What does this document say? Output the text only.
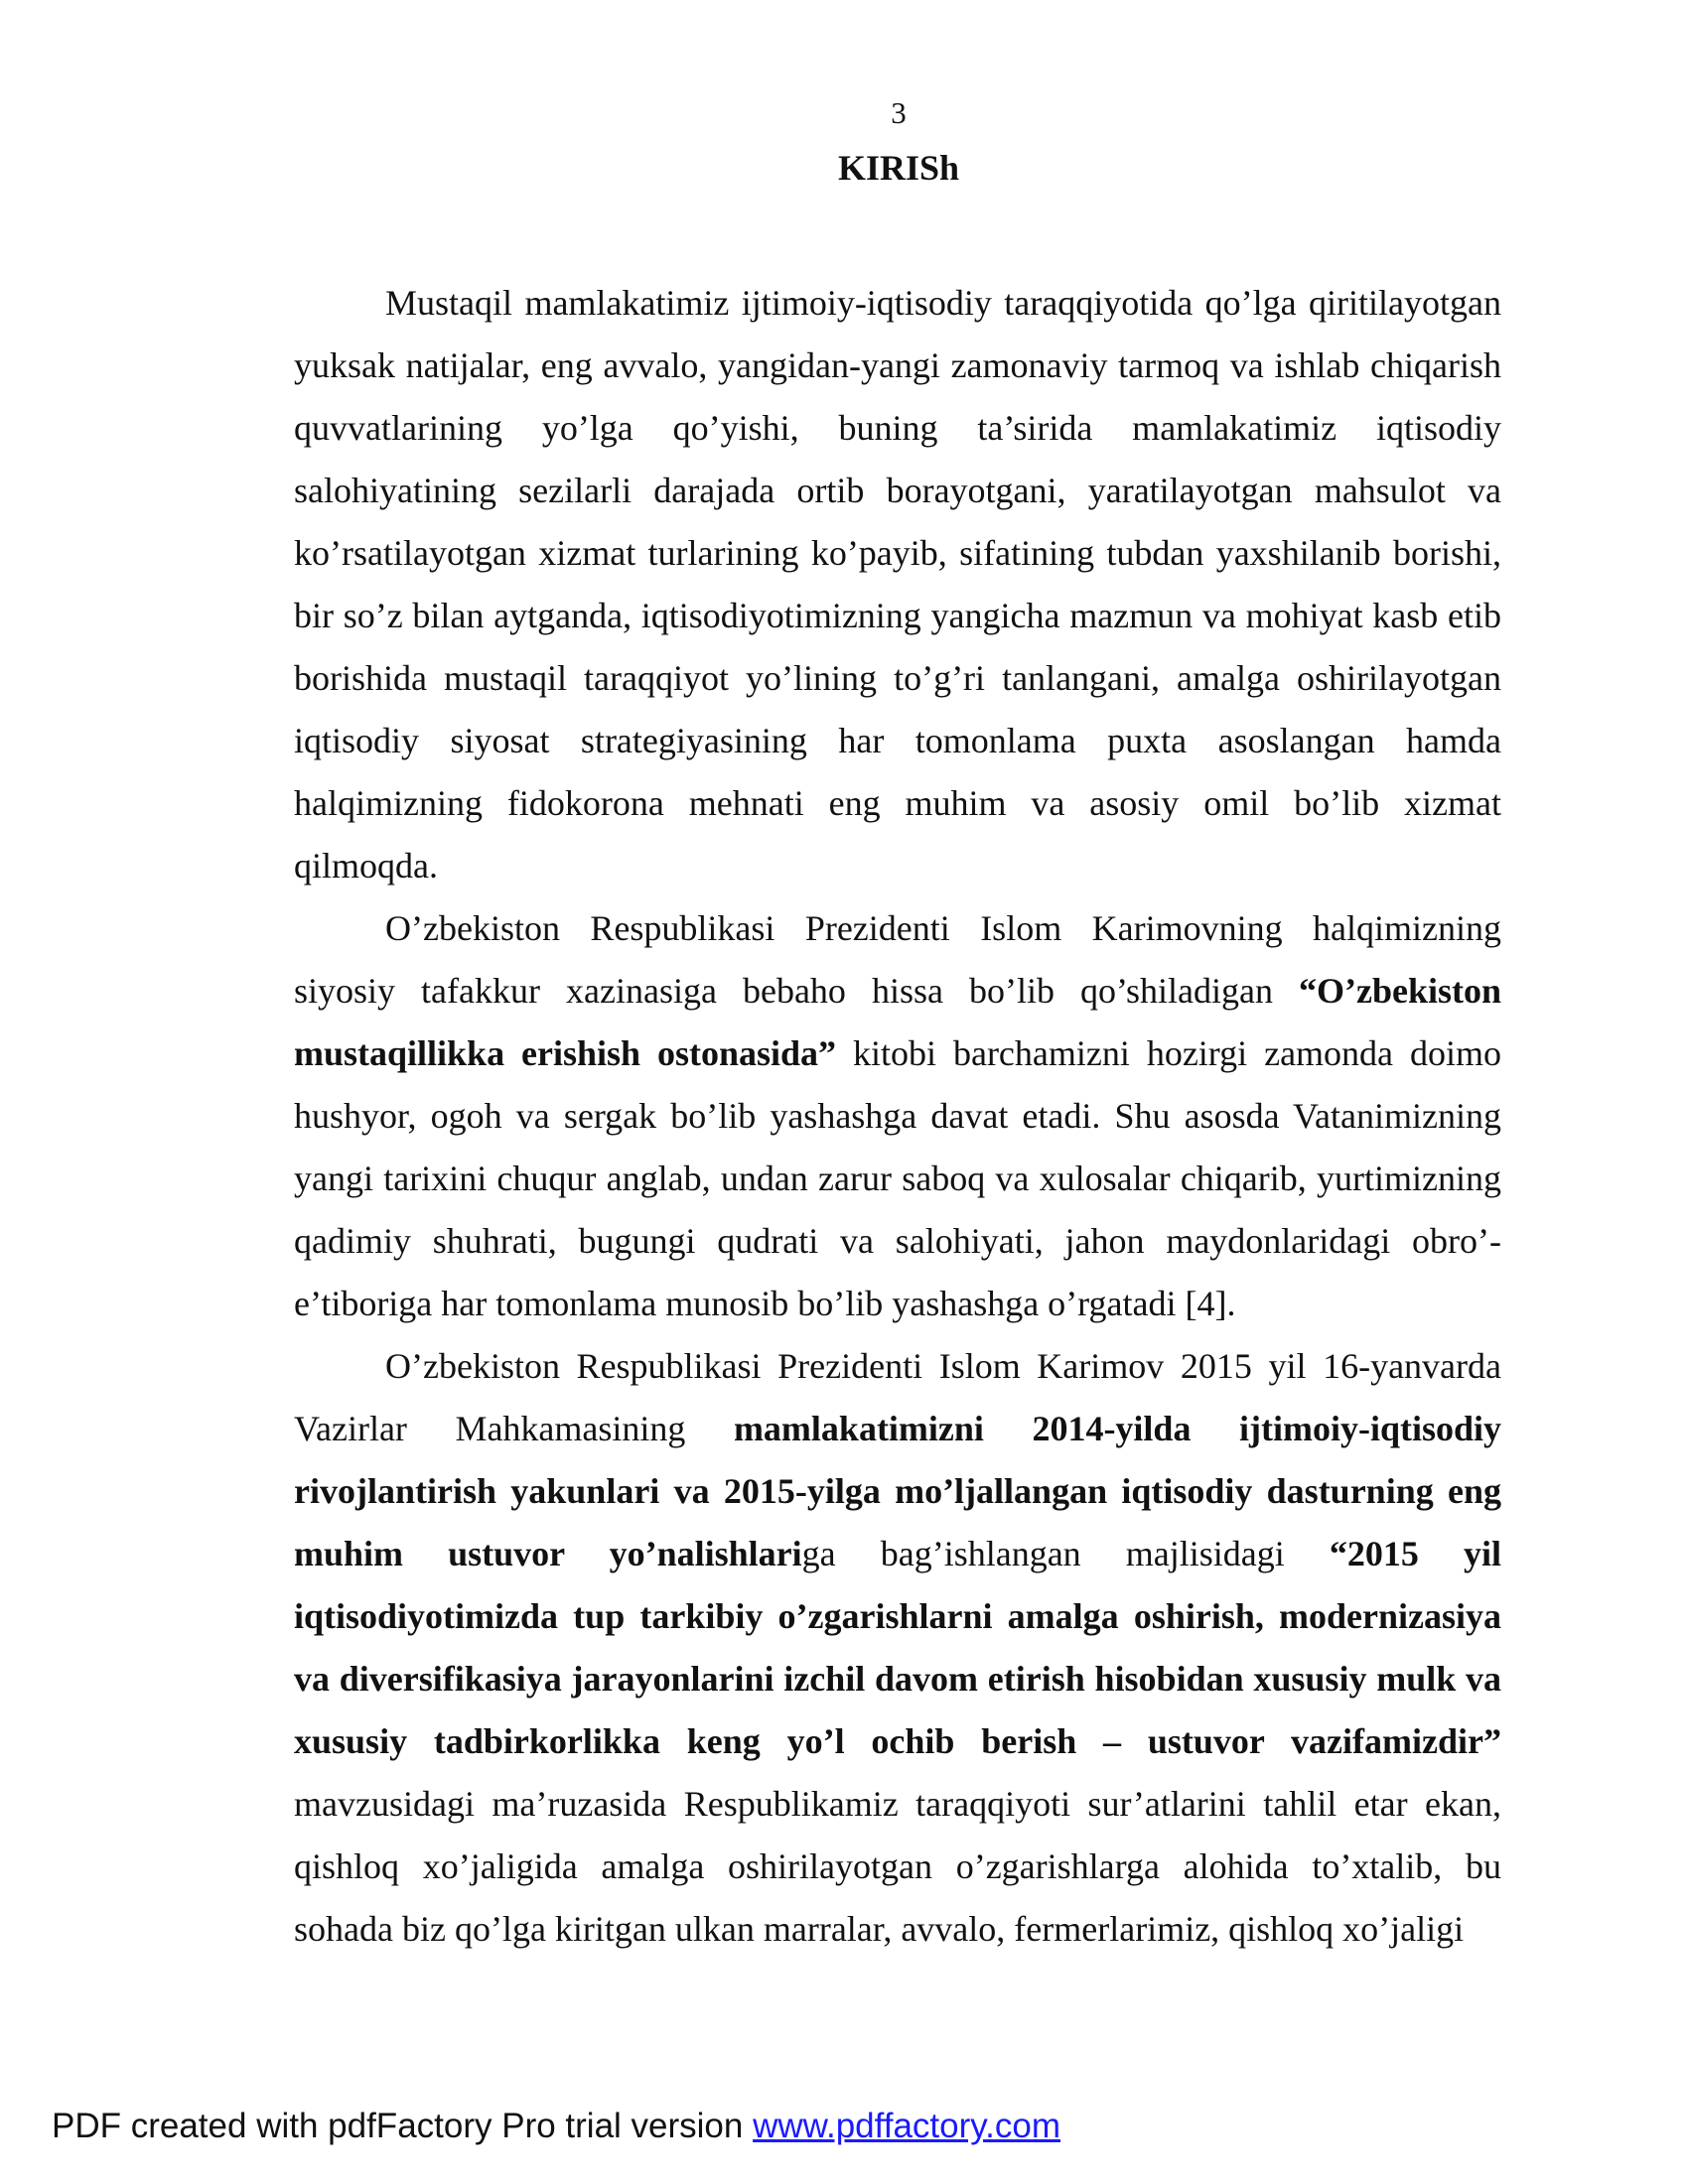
3
KIRISh

Mustaqil mamlakatimiz ijtimoiy-iqtisodiy taraqqiyotida qo’lga qiritilayotgan yuksak natijalar, eng avvalo, yangidan-yangi zamonaviy tarmoq va ishlab chiqarish quvvatlarining yo’lga qo’yishi, buning ta’sirida mamlakatimiz iqtisodiy salohiyatining sezilarli darajada ortib borayotgani, yaratilayotgan mahsulot va ko’rsatilayotgan xizmat turlarining ko’payib, sifatining tubdan yaxshilanib borishi, bir so’z bilan aytganda, iqtisodiyotimizning yangicha mazmun va mohiyat kasb etib borishida mustaqil taraqqiyot yo’lining to’g’ri tanlangani, amalga oshirilayotgan iqtisodiy siyosat strategiyasining har tomonlama puxta asoslangan hamda halqimizning fidokorona mehnati eng muhim va asosiy omil bo’lib xizmat qilmoqda.

O’zbekiston Respublikasi Prezidenti Islom Karimovning halqimizning siyosiy tafakkur xazinasiga bebaho hissa bo’lib qo’shiladigan “O’zbekiston mustaqillikka erishish ostonasida” kitobi barchamizni hozirgi zamonda doimo hushyor, ogoh va sergak bo’lib yashashga davat etadi. Shu asosda Vatanimizning yangi tarixini chuqur anglab, undan zarur saboq va xulosalar chiqarib, yurtimizning qadimiy shuhrati, bugungi qudrati va salohiyati, jahon maydonlaridagi obro’-e’tiboriga har tomonlama munosib bo’lib yashashga o’rgatadi [4].

O’zbekiston Respublikasi Prezidenti Islom Karimov 2015 yil 16-yanvarda Vazirlar Mahkamasining mamlakatimizni 2014-yilda ijtimoiy-iqtisodiy rivojlantirish yakunlari va 2015-yilga mo’ljallangan iqtisodiy dasturning eng muhim ustuvor yo’nalishlariga bag’ishlangan majlisidagi “2015 yil iqtisodiyotimizda tup tarkibiy o’zgarishlarni amalga oshirish, modernizasiya va diversifikasiya jarayonlarini izchil davom etirish hisobidan xususiy mulk va xususiy tadbirkorlikka keng yo’l ochib berish – ustuvor vazifamizdir” mavzusidagi ma’ruzasida Respublikamiz taraqqiyoti sur’atlarini tahlil etar ekan, qishloq xo’jaligida amalga oshirilayotgan o’zgarishlarga alohida to’xtalib, bu sohada biz qo’lga kiritgan ulkan marralar, avvalo, fermerlarimiz, qishloq xo’jaligi

PDF created with pdfFactory Pro trial version www.pdffactory.com
